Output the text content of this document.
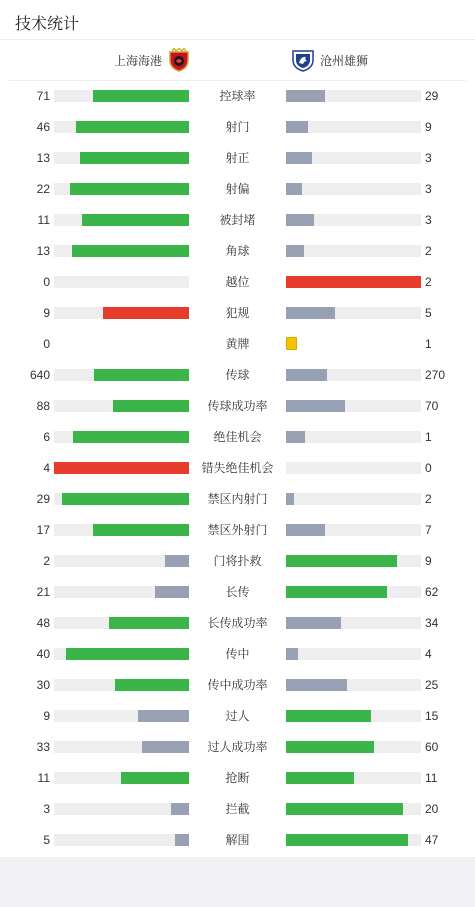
技术统计
上海海港	沧州雄狮
71	控球率	29
46	射门	9
13	射正	3
22	射偏	3
11	被封堵	3
13	角球	2
0	越位	2
9	犯规	5
0	黄牌	1
640	传球	270
88	传球成功率	70
6	绝佳机会	1
4	错失绝佳机会	0
29	禁区内射门	2
17	禁区外射门	7
2	门将扑救	9
21	长传	62
48	长传成功率	34
40	传中	4
30	传中成功率	25
9	过人	15
33	过人成功率	60
11	抢断	11
3	拦截	20
5	解围	47
